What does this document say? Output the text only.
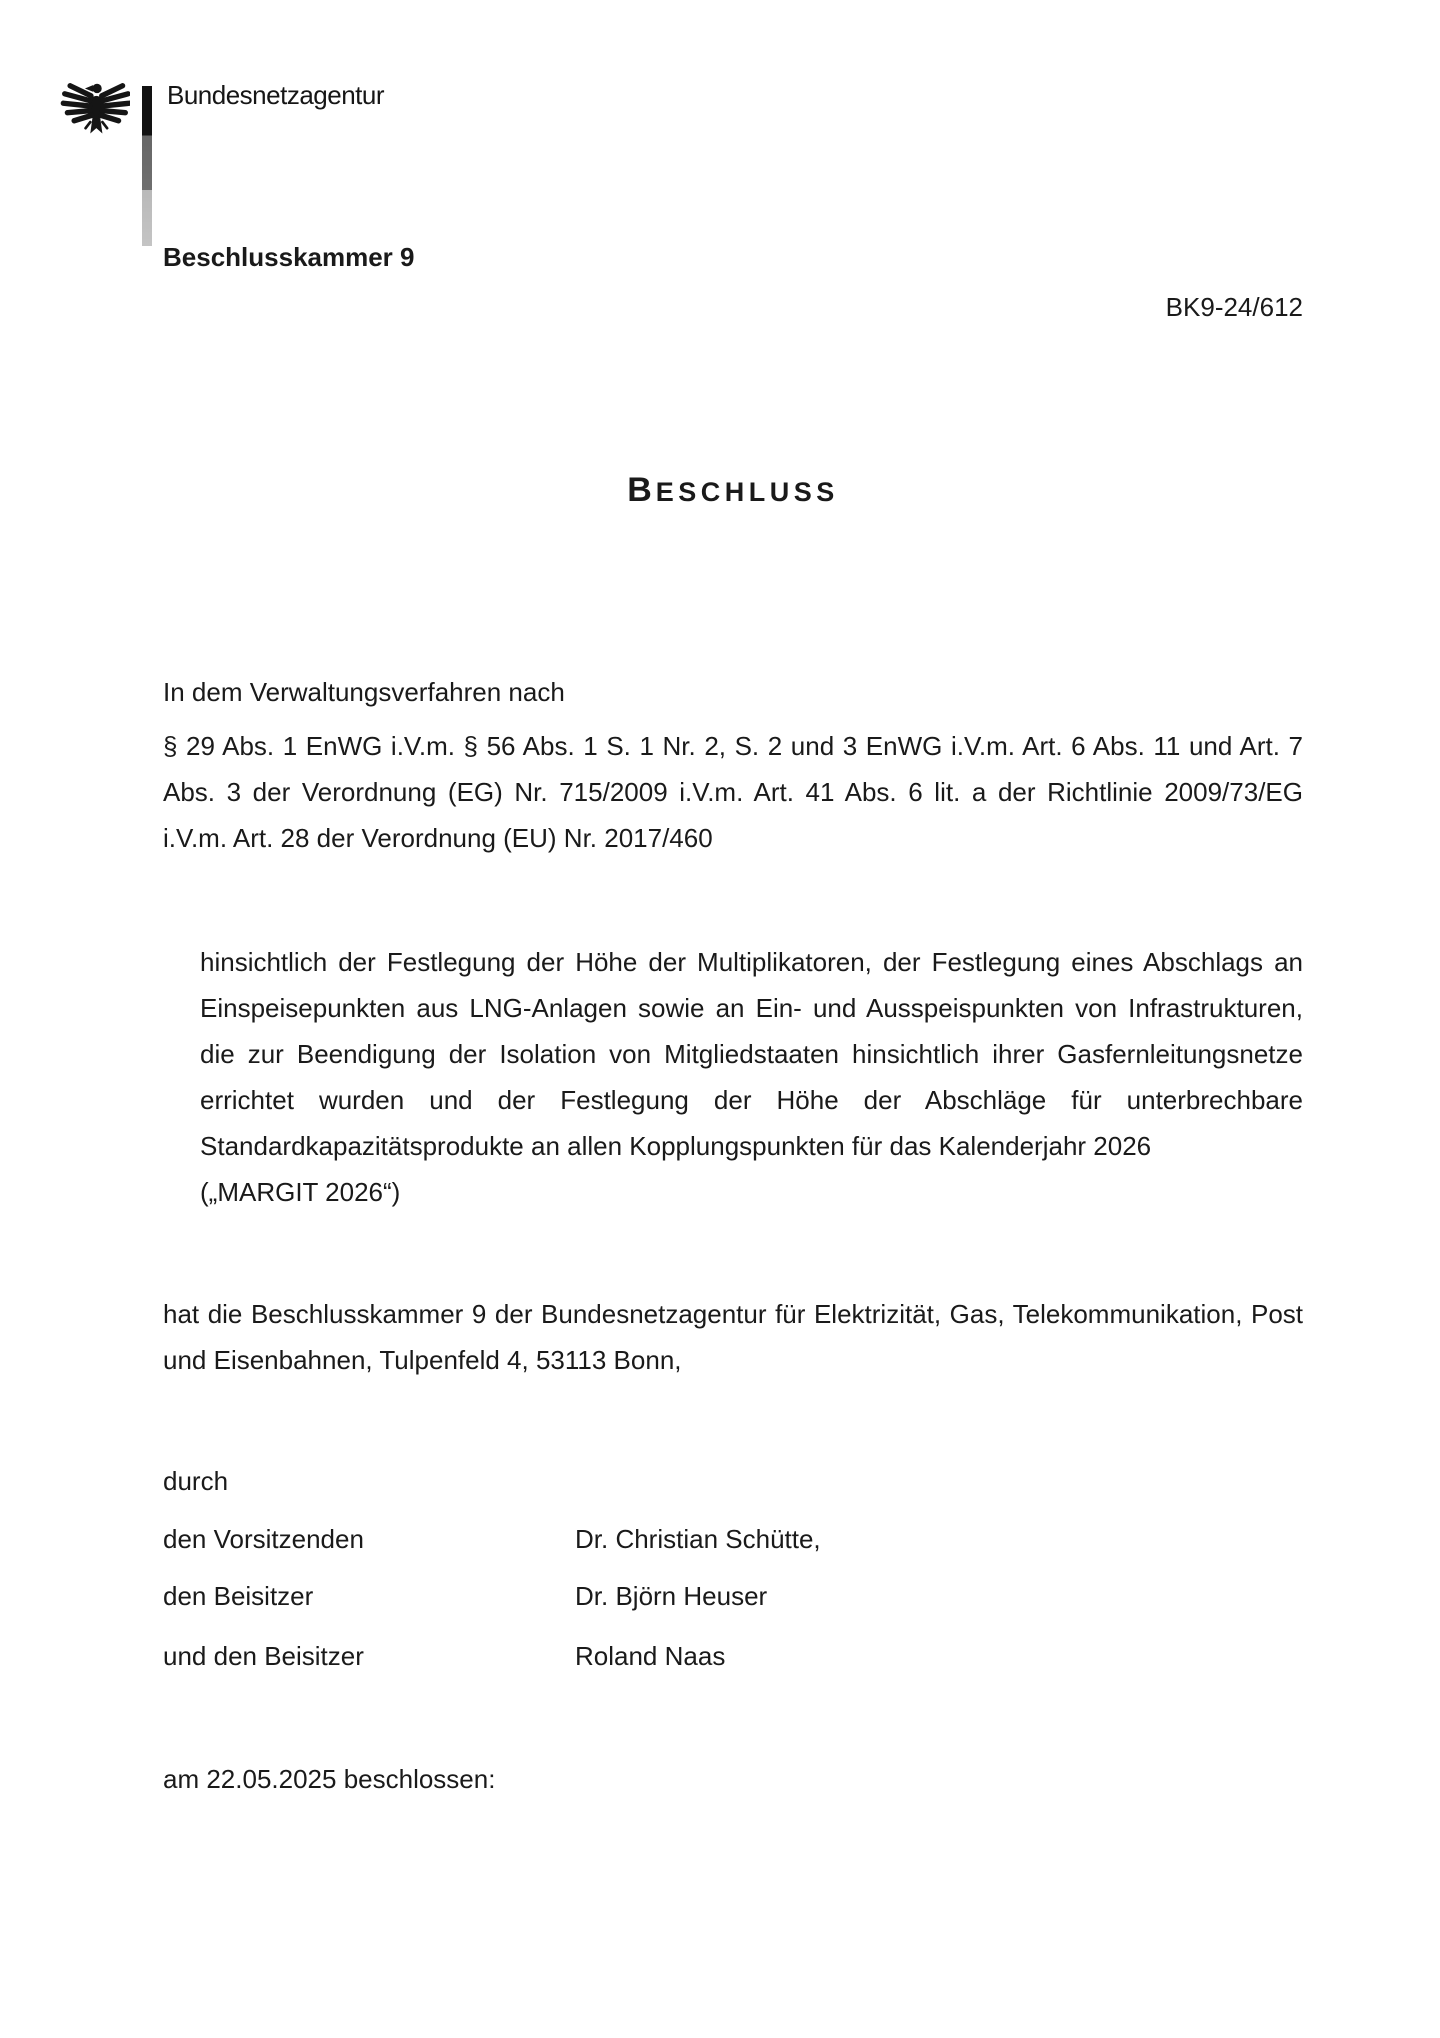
Bundesnetzagentur
Beschlusskammer 9
BK9-24/612
BESCHLUSS
In dem Verwaltungsverfahren nach
§ 29 Abs. 1 EnWG i.V.m. § 56 Abs. 1 S. 1 Nr. 2, S. 2 und 3 EnWG i.V.m. Art. 6 Abs. 11 und Art. 7
Abs. 3 der Verordnung (EG) Nr. 715/2009 i.V.m. Art. 41 Abs. 6 lit. a der Richtlinie 2009/73/EG
i.V.m. Art. 28 der Verordnung (EU) Nr. 2017/460
hinsichtlich der Festlegung der Höhe der Multiplikatoren, der Festlegung eines Abschlags an
Einspeisepunkten aus LNG-Anlagen sowie an Ein- und Ausspeispunkten von Infrastrukturen,
die zur Beendigung der Isolation von Mitgliedstaaten hinsichtlich ihrer Gasfernleitungsnetze
errichtet wurden und der Festlegung der Höhe der Abschläge für unterbrechbare
Standardkapazitätsprodukte an allen Kopplungspunkten für das Kalenderjahr 2026
(„MARGIT 2026“)
hat die Beschlusskammer 9 der Bundesnetzagentur für Elektrizität, Gas, Telekommunikation, Post
und Eisenbahnen, Tulpenfeld 4, 53113 Bonn,
durch
den Vorsitzenden	Dr. Christian Schütte,
den Beisitzer	Dr. Björn Heuser
und den Beisitzer	Roland Naas
am 22.05.2025 beschlossen:
